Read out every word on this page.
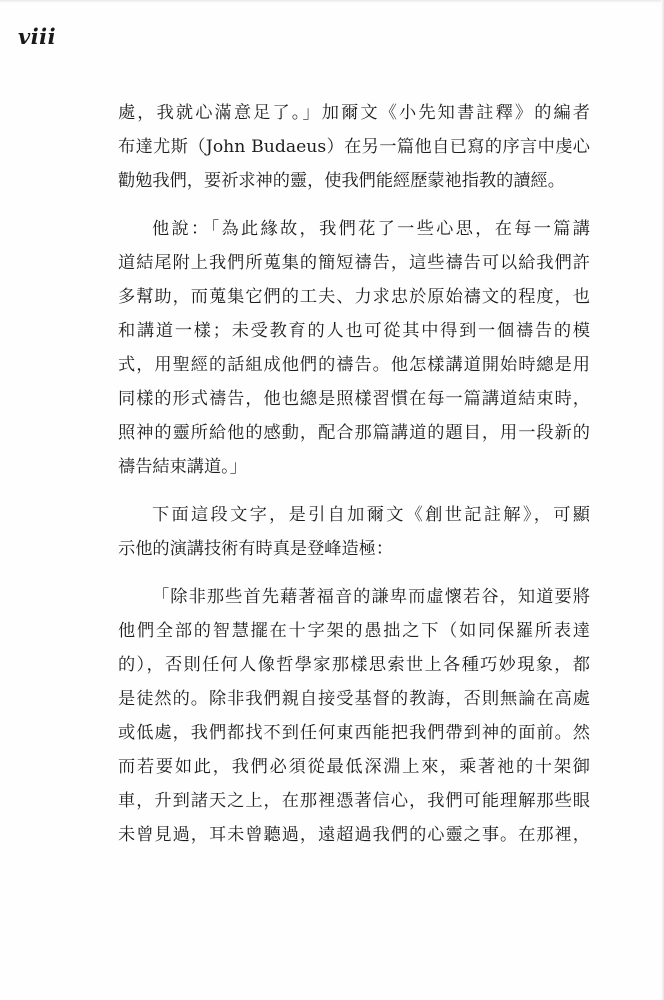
viii

處，我就心滿意足了。」加爾文《小先知書註釋》的編者
布達尤斯（John Budaeus）在另一篇他自已寫的序言中虔心
勸勉我們，要祈求神的靈，使我們能經歷蒙祂指教的讀經。

他說：「為此緣故，我們花了一些心思，在每一篇講
道結尾附上我們所蒐集的簡短禱告，這些禱告可以給我們許
多幫助，而蒐集它們的工夫、力求忠於原始禱文的程度，也
和講道一樣；未受教育的人也可從其中得到一個禱告的模
式，用聖經的話組成他們的禱告。他怎樣講道開始時總是用
同樣的形式禱告，他也總是照樣習慣在每一篇講道結束時，
照神的靈所給他的感動，配合那篇講道的題目，用一段新的
禱告結束講道。」

下面這段文字，是引自加爾文《創世記註解》，可顯
示他的演講技術有時真是登峰造極：

「除非那些首先藉著福音的謙卑而虛懷若谷，知道要將
他們全部的智慧擺在十字架的愚拙之下（如同保羅所表達
的），否則任何人像哲學家那樣思索世上各種巧妙現象，都
是徒然的。除非我們親自接受基督的教誨，否則無論在高處
或低處，我們都找不到任何東西能把我們帶到神的面前。然
而若要如此，我們必須從最低深淵上來，乘著祂的十架御
車，升到諸天之上，在那裡憑著信心，我們可能理解那些眼
未曾見過，耳未曾聽過，遠超過我們的心靈之事。在那裡，
